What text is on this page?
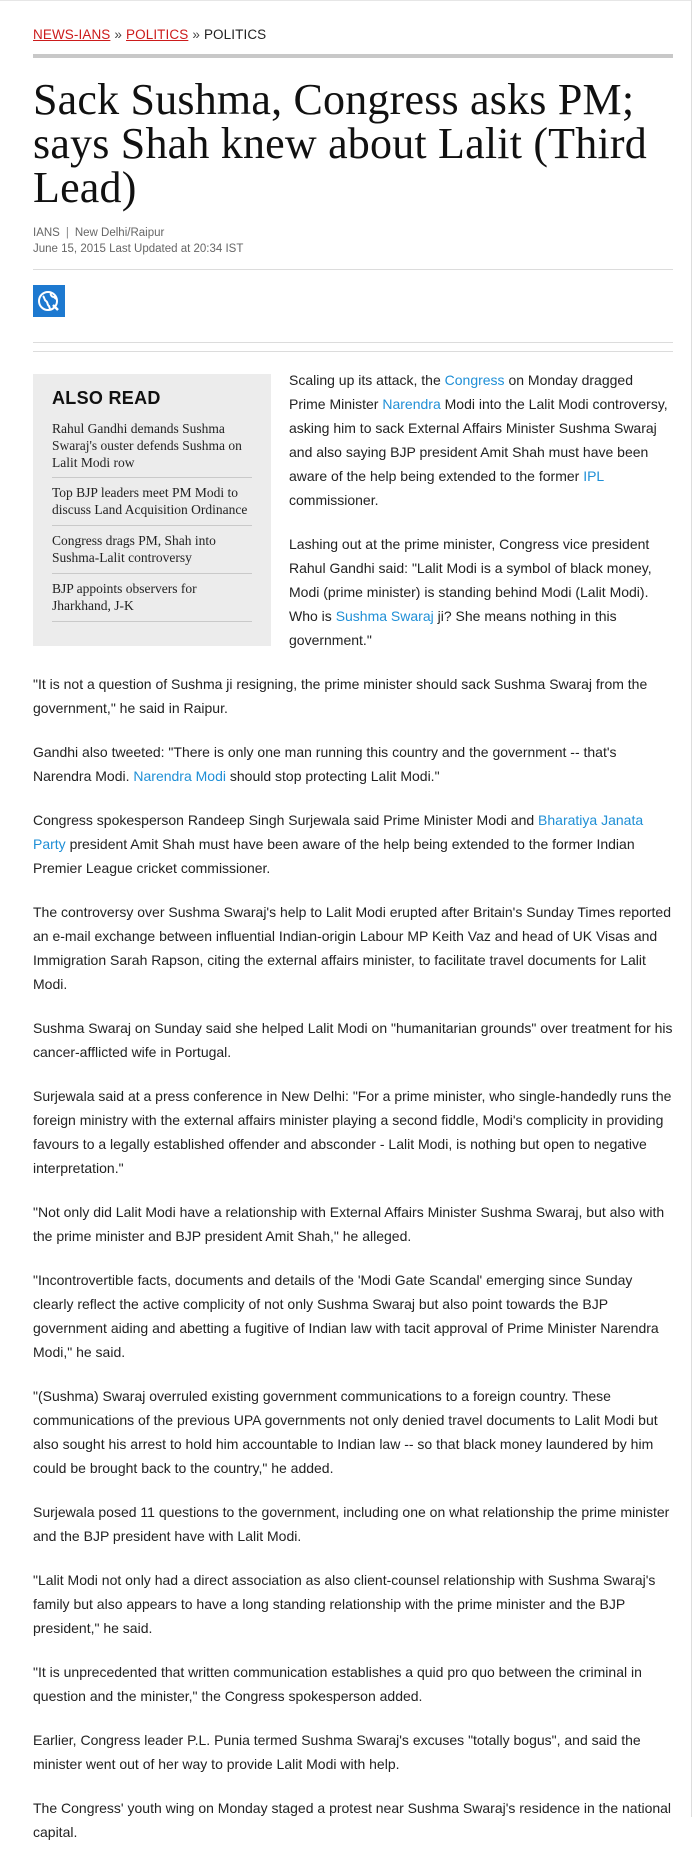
NEWS-IANS » POLITICS » POLITICS
Sack Sushma, Congress asks PM; says Shah knew about Lalit (Third Lead)
IANS | New Delhi/Raipur
June 15, 2015 Last Updated at 20:34 IST
ALSO READ
Rahul Gandhi demands Sushma Swaraj's ouster defends Sushma on Lalit Modi row
Top BJP leaders meet PM Modi to discuss Land Acquisition Ordinance
Congress drags PM, Shah into Sushma-Lalit controversy
BJP appoints observers for Jharkhand, J-K

Scaling up its attack, the Congress on Monday dragged Prime Minister Narendra Modi into the Lalit Modi controversy, asking him to sack External Affairs Minister Sushma Swaraj and also saying BJP president Amit Shah must have been aware of the help being extended to the former IPL commissioner.

Lashing out at the prime minister, Congress vice president Rahul Gandhi said: "Lalit Modi is a symbol of black money, Modi (prime minister) is standing behind Modi (Lalit Modi). Who is Sushma Swaraj ji? She means nothing in this government."

"It is not a question of Sushma ji resigning, the prime minister should sack Sushma Swaraj from the government," he said in Raipur.

Gandhi also tweeted: "There is only one man running this country and the government -- that's Narendra Modi. Narendra Modi should stop protecting Lalit Modi."

Congress spokesperson Randeep Singh Surjewala said Prime Minister Modi and Bharatiya Janata Party president Amit Shah must have been aware of the help being extended to the former Indian Premier League cricket commissioner.

The controversy over Sushma Swaraj's help to Lalit Modi erupted after Britain's Sunday Times reported an e-mail exchange between influential Indian-origin Labour MP Keith Vaz and head of UK Visas and Immigration Sarah Rapson, citing the external affairs minister, to facilitate travel documents for Lalit Modi.

Sushma Swaraj on Sunday said she helped Lalit Modi on "humanitarian grounds" over treatment for his cancer-afflicted wife in Portugal.

Surjewala said at a press conference in New Delhi: "For a prime minister, who single-handedly runs the foreign ministry with the external affairs minister playing a second fiddle, Modi's complicity in providing favours to a legally established offender and absconder - Lalit Modi, is nothing but open to negative interpretation."

"Not only did Lalit Modi have a relationship with External Affairs Minister Sushma Swaraj, but also with the prime minister and BJP president Amit Shah," he alleged.

"Incontrovertible facts, documents and details of the 'Modi Gate Scandal' emerging since Sunday clearly reflect the active complicity of not only Sushma Swaraj but also point towards the BJP government aiding and abetting a fugitive of Indian law with tacit approval of Prime Minister Narendra Modi," he said.

"(Sushma) Swaraj overruled existing government communications to a foreign country. These communications of the previous UPA governments not only denied travel documents to Lalit Modi but also sought his arrest to hold him accountable to Indian law -- so that black money laundered by him could be brought back to the country," he added.

Surjewala posed 11 questions to the government, including one on what relationship the prime minister and the BJP president have with Lalit Modi.

"Lalit Modi not only had a direct association as also client-counsel relationship with Sushma Swaraj's family but also appears to have a long standing relationship with the prime minister and the BJP president," he said.

"It is unprecedented that written communication establishes a quid pro quo between the criminal in question and the minister," the Congress spokesperson added.

Earlier, Congress leader P.L. Punia termed Sushma Swaraj's excuses "totally bogus", and said the minister went out of her way to provide Lalit Modi with help.

The Congress' youth wing on Monday staged a protest near Sushma Swaraj's residence in the national capital.
